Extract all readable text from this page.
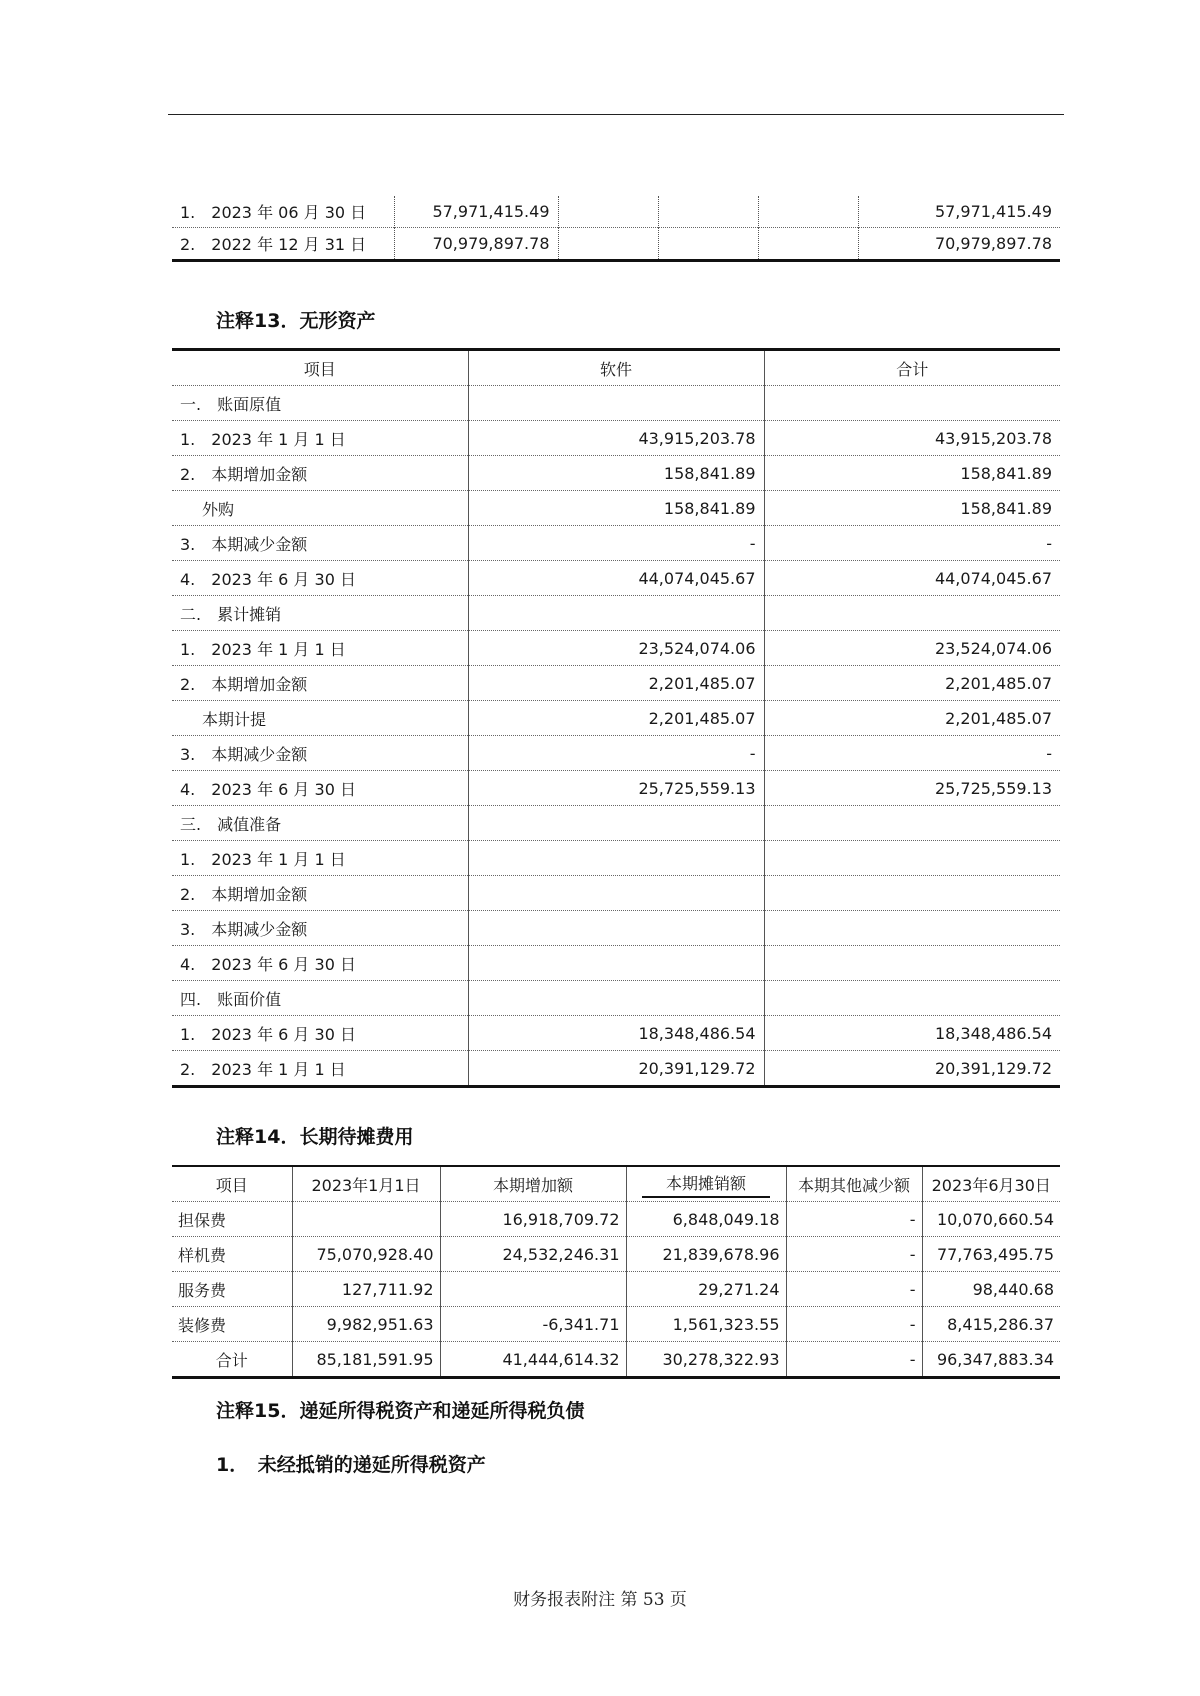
1.　2023 年 06 月 30 日	57,971,415.49				57,971,415.49
2.　2022 年 12 月 31 日	70,979,897.78				70,979,897.78
注释13．无形资产
项目	软件	合计
一.　账面原值		
1.　2023 年 1 月 1 日	43,915,203.78	43,915,203.78
2.　本期增加金额	158,841.89	158,841.89
外购	158,841.89	158,841.89
3.　本期减少金额	-	-
4.　2023 年 6 月 30 日	44,074,045.67	44,074,045.67
二.　累计摊销		
1.　2023 年 1 月 1 日	23,524,074.06	23,524,074.06
2.　本期增加金额	2,201,485.07	2,201,485.07
本期计提	2,201,485.07	2,201,485.07
3.　本期减少金额	-	-
4.　2023 年 6 月 30 日	25,725,559.13	25,725,559.13
三.　减值准备		
1.　2023 年 1 月 1 日		
2.　本期增加金额		
3.　本期减少金额		
4.　2023 年 6 月 30 日		
四.　账面价值		
1.　2023 年 6 月 30 日	18,348,486.54	18,348,486.54
2.　2023 年 1 月 1 日	20,391,129.72	20,391,129.72
注释14．长期待摊费用
项目	2023年1月1日	本期增加额	本期摊销额	本期其他减少额	2023年6月30日
担保费		16,918,709.72	6,848,049.18	-	10,070,660.54
样机费	75,070,928.40	24,532,246.31	21,839,678.96	-	77,763,495.75
服务费	127,711.92		29,271.24	-	98,440.68
装修费	9,982,951.63	-6,341.71	1,561,323.55	-	8,415,286.37
合计	85,181,591.95	41,444,614.32	30,278,322.93	-	96,347,883.34
注释15．递延所得税资产和递延所得税负债
1．　未经抵销的递延所得税资产
财务报表附注 第 53 页
